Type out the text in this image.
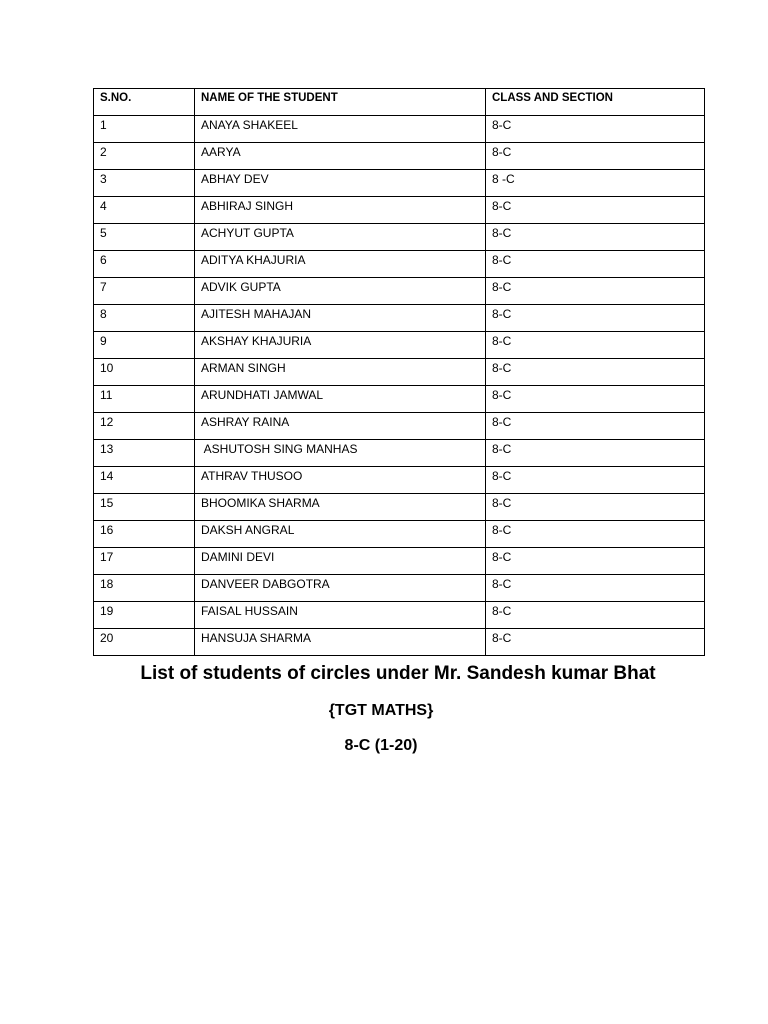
S.NO.	NAME OF THE STUDENT	CLASS AND SECTION
1	ANAYA SHAKEEL	8-C
2	AARYA	8-C
3	ABHAY DEV	8 -C
4	ABHIRAJ SINGH	8-C
5	ACHYUT GUPTA	8-C
6	ADITYA KHAJURIA	8-C
7	ADVIK GUPTA	8-C
8	AJITESH MAHAJAN	8-C
9	AKSHAY KHAJURIA	8-C
10	ARMAN SINGH	8-C
11	ARUNDHATI JAMWAL	8-C
12	ASHRAY RAINA	8-C
13	ASHUTOSH SING MANHAS	8-C
14	ATHRAV THUSOO	8-C
15	BHOOMIKA SHARMA	8-C
16	DAKSH ANGRAL	8-C
17	DAMINI DEVI	8-C
18	DANVEER DABGOTRA	8-C
19	FAISAL HUSSAIN	8-C
20	HANSUJA SHARMA	8-C
List of students of circles under Mr. Sandesh kumar Bhat
{TGT MATHS}
8-C (1-20)
